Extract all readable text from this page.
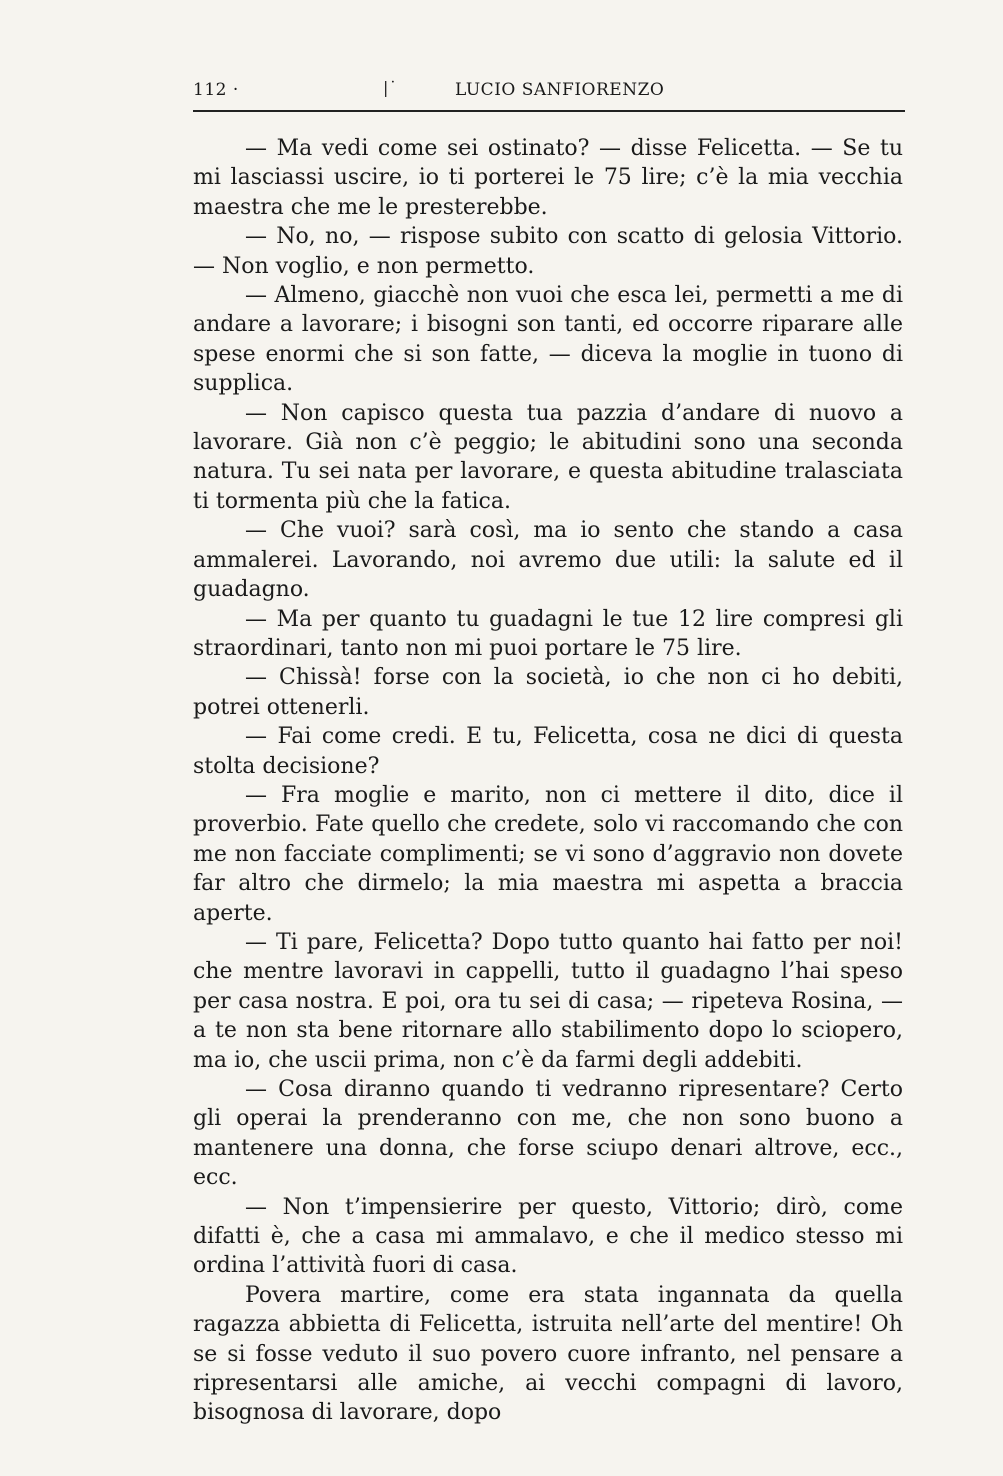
112 ·	|˙	LUCIO SANFIORENZO

— Ma vedi come sei ostinato? — disse Felicetta. — Se tu mi lasciassi uscire, io ti porterei le 75 lire; c’è la mia vecchia maestra che me le presterebbe.

— No, no, — rispose subito con scatto di gelosia Vittorio. — Non voglio, e non permetto.

— Almeno, giacchè non vuoi che esca lei, permetti a me di andare a lavorare; i bisogni son tanti, ed occorre riparare alle spese enormi che si son fatte, — diceva la moglie in tuono di supplica.

— Non capisco questa tua pazzia d’andare di nuovo a lavorare. Già non c’è peggio; le abitudini sono una seconda natura. Tu sei nata per lavorare, e questa abitudine tralasciata ti tormenta più che la fatica.

— Che vuoi? sarà così, ma io sento che stando a casa ammalerei. Lavorando, noi avremo due utili: la salute ed il guadagno.

— Ma per quanto tu guadagni le tue 12 lire compresi gli straordinari, tanto non mi puoi portare le 75 lire.

— Chissà! forse con la società, io che non ci ho debiti, potrei ottenerli.

— Fai come credi. E tu, Felicetta, cosa ne dici di questa stolta decisione?

— Fra moglie e marito, non ci mettere il dito, dice il proverbio. Fate quello che credete, solo vi raccomando che con me non facciate complimenti; se vi sono d’aggravio non dovete far altro che dirmelo; la mia maestra mi aspetta a braccia aperte.

— Ti pare, Felicetta? Dopo tutto quanto hai fatto per noi! che mentre lavoravi in cappelli, tutto il guadagno l’hai speso per casa nostra. E poi, ora tu sei di casa; — ripeteva Rosina, — a te non sta bene ritornare allo stabilimento dopo lo sciopero, ma io, che uscii prima, non c’è da farmi degli addebiti.

— Cosa diranno quando ti vedranno ripresentare? Certo gli operai la prenderanno con me, che non sono buono a mantenere una donna, che forse sciupo denari altrove, ecc., ecc.

— Non t’impensierire per questo, Vittorio; dirò, come difatti è, che a casa mi ammalavo, e che il medico stesso mi ordina l’attività fuori di casa.

Povera martire, come era stata ingannata da quella ragazza abbietta di Felicetta, istruita nell’arte del mentire! Oh se si fosse veduto il suo povero cuore infranto, nel pensare a ripresentarsi alle amiche, ai vecchi compagni di lavoro, bisognosa di lavorare, dopo
